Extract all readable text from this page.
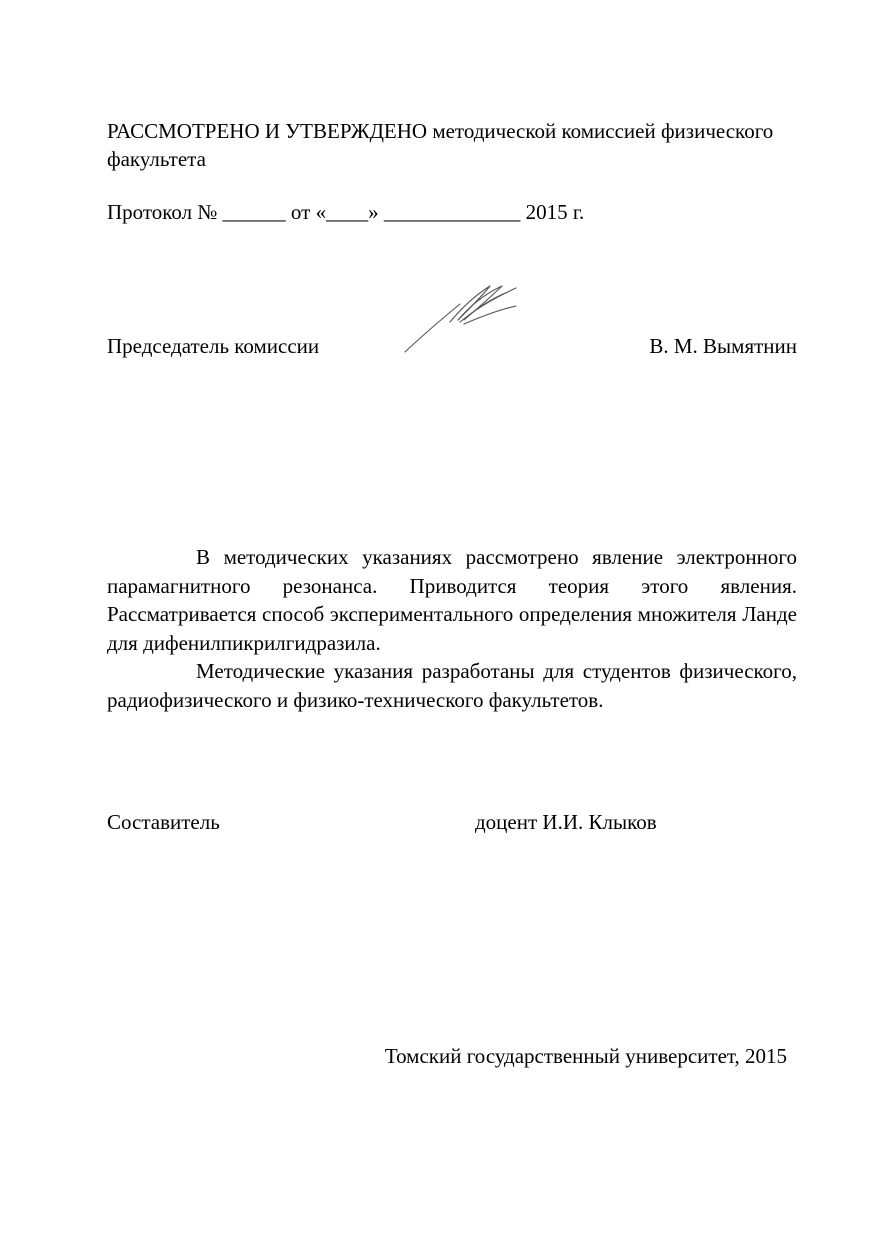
РАССМОТРЕНО И УТВЕРЖДЕНО методической комиссией физического факультета
Протокол № ______ от «____» _____________ 2015 г.
Председатель комиссии	В. М. Вымятнин

В методических указаниях рассмотрено явление электронного парамагнитного резонанса. Приводится теория этого явления. Рассматривается способ экспериментального определения множителя Ланде для дифенилпикрилгидразила.

Методические указания разработаны для студентов физического, радиофизического и физико-технического факультетов.

Составитель	доцент И.И. Клыков
Томский государственный университет, 2015
